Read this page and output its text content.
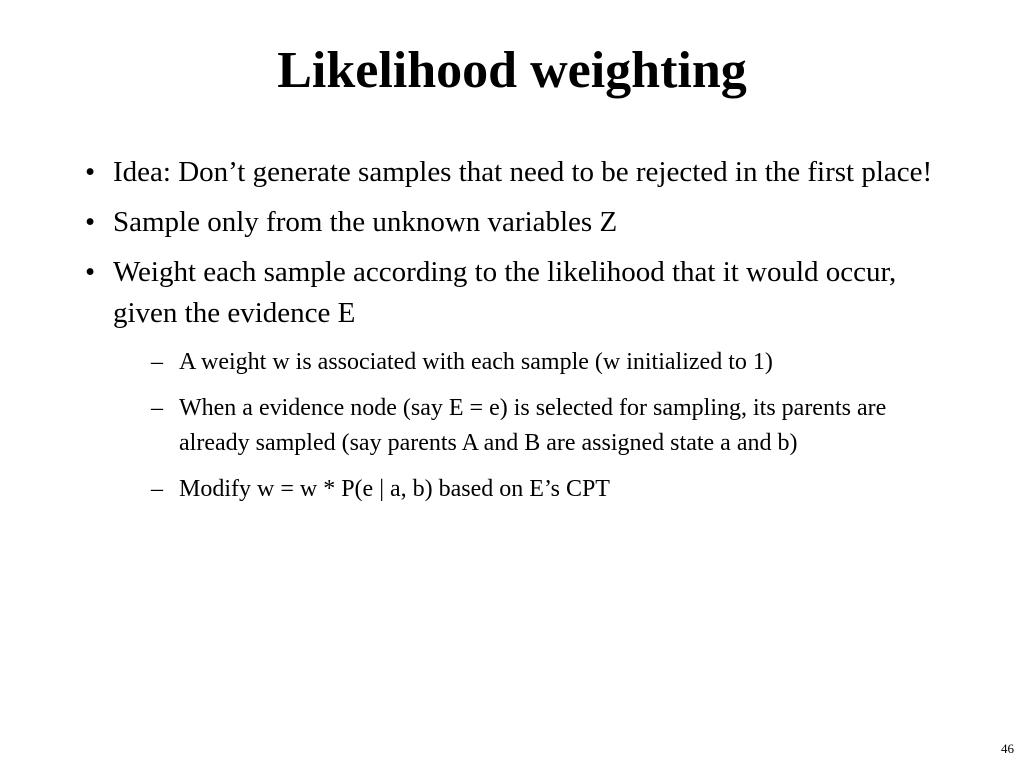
Likelihood weighting
• Idea: Don’t generate samples that need to be rejected in the first place!
• Sample only from the unknown variables Z
• Weight each sample according to the likelihood that it would occur, given the evidence E
– A weight w is associated with each sample (w initialized to 1)
– When a evidence node (say E = e) is selected for sampling, its parents are already sampled (say parents A and B are assigned state a and b)
– Modify w = w * P(e | a, b) based on E’s CPT
46
